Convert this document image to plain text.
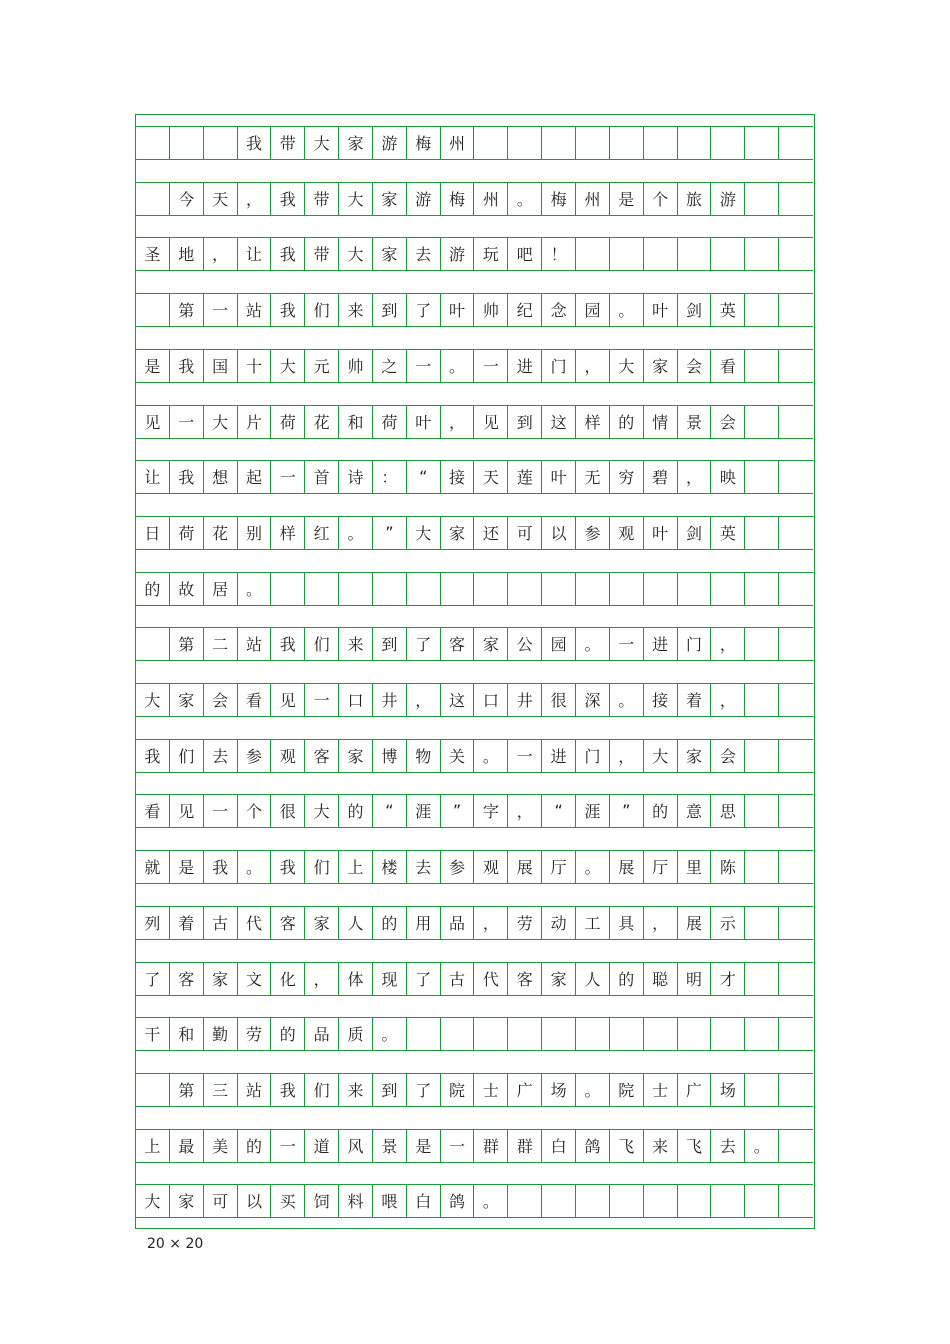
我	带	大	家	游	梅	州
今	天	，	我	带	大	家	游	梅	州	。	梅	州	是	个	旅	游
圣	地	，	让	我	带	大	家	去	游	玩	吧	！
第	一	站	我	们	来	到	了	叶	帅	纪	念	园	。	叶	剑	英
是	我	国	十	大	元	帅	之	一	。	一	进	门	，	大	家	会	看
见	一	大	片	荷	花	和	荷	叶	，	见	到	这	样	的	情	景	会
让	我	想	起	一	首	诗	：	“	接	天	莲	叶	无	穷	碧	，	映
日	荷	花	别	样	红	。	”	大	家	还	可	以	参	观	叶	剑	英
的	故	居	。
第	二	站	我	们	来	到	了	客	家	公	园	。	一	进	门	，
大	家	会	看	见	一	口	井	，	这	口	井	很	深	。	接	着	，
我	们	去	参	观	客	家	博	物	关	。	一	进	门	，	大	家	会
看	见	一	个	很	大	的	“	涯	”	字	，	“	涯	”	的	意	思
就	是	我	。	我	们	上	楼	去	参	观	展	厅	。	展	厅	里	陈
列	着	古	代	客	家	人	的	用	品	，	劳	动	工	具	，	展	示
了	客	家	文	化	，	体	现	了	古	代	客	家	人	的	聪	明	才
干	和	勤	劳	的	品	质	。
第	三	站	我	们	来	到	了	院	士	广	场	。	院	士	广	场
上	最	美	的	一	道	风	景	是	一	群	群	白	鸽	飞	来	飞	去	。
大	家	可	以	买	饲	料	喂	白	鸽	。
20 × 20
